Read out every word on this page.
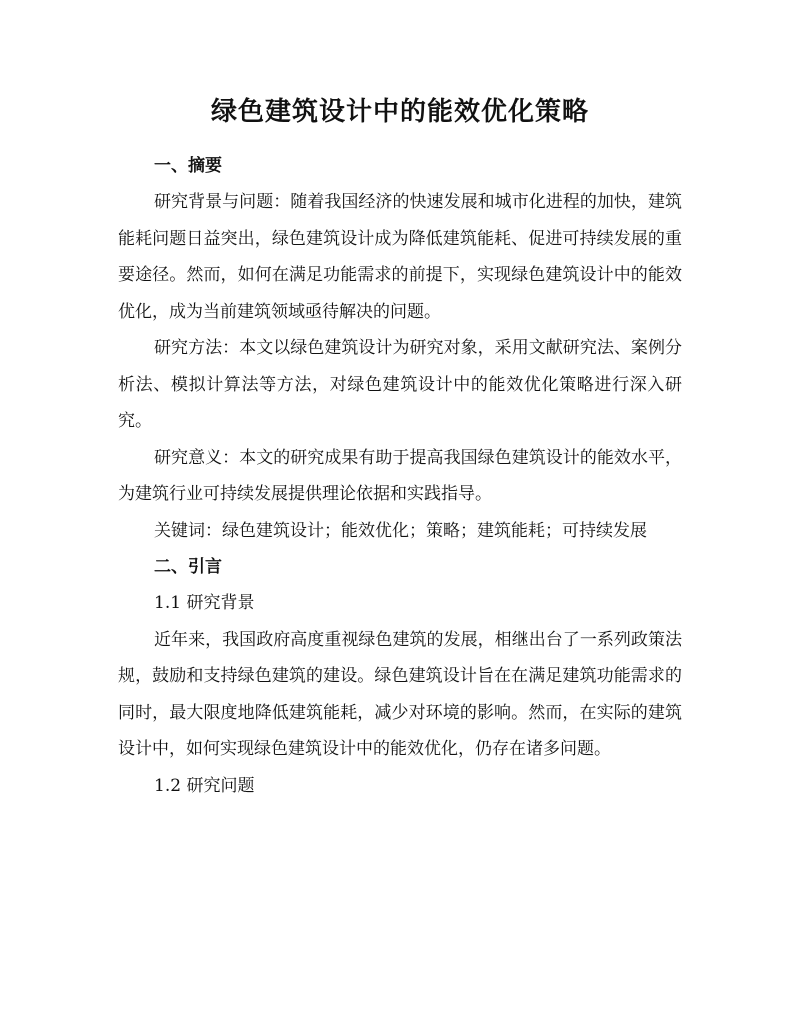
绿色建筑设计中的能效优化策略
一、摘要

研究背景与问题：随着我国经济的快速发展和城市化进程的加快，建筑能耗问题日益突出，绿色建筑设计成为降低建筑能耗、促进可持续发展的重要途径。然而，如何在满足功能需求的前提下，实现绿色建筑设计中的能效优化，成为当前建筑领域亟待解决的问题。

研究方法：本文以绿色建筑设计为研究对象，采用文献研究法、案例分析法、模拟计算法等方法，对绿色建筑设计中的能效优化策略进行深入研究。

研究意义：本文的研究成果有助于提高我国绿色建筑设计的能效水平，为建筑行业可持续发展提供理论依据和实践指导。

关键词：绿色建筑设计；能效优化；策略；建筑能耗；可持续发展

二、引言

1.1 研究背景

近年来，我国政府高度重视绿色建筑的发展，相继出台了一系列政策法规，鼓励和支持绿色建筑的建设。绿色建筑设计旨在在满足建筑功能需求的同时，最大限度地降低建筑能耗，减少对环境的影响。然而，在实际的建筑设计中，如何实现绿色建筑设计中的能效优化，仍存在诸多问题。

1.2 研究问题
